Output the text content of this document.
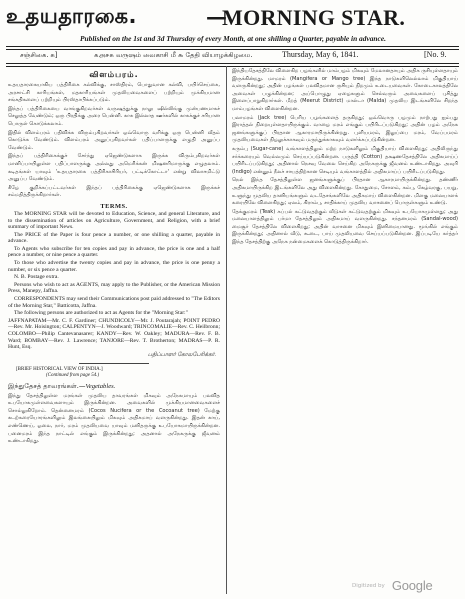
உதயதாரகை.	—
MORNING STAR.
Published on the 1st and 3d Thursday of every Month, at one shilling a Quarter, payable in advance.
சஞ்சிகை. க]	௧௮௪௧ வருஷம் வைகாசி மீ ௬ தேதி வியாழக்கிழமை.	Thursday, May 6, 1841.	[No. 9.
விளம்பரம்.

உதயதாரகையாகிய பத்திரிகை கல்விக்கு, சாஸ்திரம், பொதுவான கல்வி, பயிர்செய்கை, அரசாட்சி காரியங்கள், மதகாரியங்கள் முதலியவைகளைப் பற்றியும் முக்கியமான சங்கதிகளைப் பற்றியும் பிரஸ்தாபிக்கப்படும்.

இந்தப் பத்திரிகையை வாங்குகிறவர்கள் வருஷத்துக்கு நாலு ஷில்லிங்கு முன்பணமாகச் செலுத்த வேண்டும்; ஒரு பிரதிக்கு அரை பென்னி. காசு இல்லாத ஊர்களில் காசுக்குச் சரியான பொருள் கொடுக்கலாம்.

இதில் விளம்பரம் பதிவிக்க விரும்புகிறவர்கள் ஒவ்வொரு வரிக்கு ஒரு பென்னி வீதம் கொடுக்க வேண்டும். விளம்பரம் அனுப்புகிறவர்கள் பதிப்பாளருக்கு எழுதி அனுப்ப வேண்டும்.

இந்தப் பத்திரிகைக்குச் சேர்ந்து ஏஜெண்டுகளாக இருக்க விரும்புகிறவர்கள் மானிப்பாயிலுள்ள பதிப்பாளருக்கு அல்லது அமெரிக்கன் மிஷனரிமாருக்கு எழுதலாம். கடிதங்கள் யாவும் 'உதயதாரகை பத்திரிகாசிரியர், பட்டிக்கோட்டா' என்று விலாசமிட்டு அனுப்ப வேண்டும்.

கீழே குறிக்கப்பட்டவர்கள் இந்தப் பத்திரிகைக்கு ஏஜெண்டுகளாக இருக்கச் சம்மதித்திருக்கிறார்கள்.

TERMS.

The MORNING STAR will be devoted to Education, Science, and general Literature, and to the dissemination of articles on Agriculture, Government, and Religion, with a brief summary of important News.

The PRICE of the Paper is four pence a number, or one shilling a quarter, payable in advance.

To Agents who subscribe for ten copies and pay in advance, the price is one and a half pence a number, or nine pence a quarter.

To those who advertise the twenty copies and pay in advance, the price is one penny a number, or six pence a quarter.

N. B. Postage extra.

Persons who wish to act as AGENTS, may apply to the Publisher, or the American Mission Press, Manepy, Jaffna.

CORRESPONDENTS may send their Communications post paid addressed to "The Editors of the Morning Star," Batticotta, Jaffna.

The following persons are authorized to act as Agents for the "Morning Star:"

JAFFNAPATAM—Mr. C. F. Gardiner; CHUNDICOLY—Mr. J. Poutarajah; POINT PEDRO—Rev. Mr. Hoisington; CALPENTYN—J. Woodward; TRINCOMALIE—Rev. C. Heilbronn; COLOMBO—Philip Cantevanasarer; KANDY—Rev. W. Oakley; MADURA—Rev. F. B. Ward; BOMBAY—Rev. J. Lawrence; TANJORE—Rev. T. Brotherton; MADRAS—P. R. Hunt, Esq.

பதிப்பாளர் கோலபேரிக்கர்.
[BRIEF HISTORICAL VIEW OF INDIA.]
(Continued from page 54.)
இந்துதேசத் தாவரங்கள்.—Vegetables.

இந்து தேசத்திலுள்ள மரங்கள் முதலிய தாவரங்கள் மிகவும் அநேகமாயும் பலவித உபயோகமுள்ளவைகளாயும் இருக்கின்றன. அவைகளில் முக்கியமானவைகளைச் சொல்லுகிறோம். தென்னைமரம் (Cocos Nucifera or the Cocoanut tree) மேற்கு கடற்கரையோரங்களிலும் இலங்கையிலும் மிகவும் அதிகமாய் வளருகின்றது. இதன் காய், எண்ணெய், ஓலை, நார், மரம் முதலியவை யாவும் மனிதருக்கு உபயோகமாயிருக்கின்றன. பனைமரம் இந்த நாட்டில் எங்கும் இருக்கின்றது; அதனால் அநேகருக்கு ஜீவனம் உண்டாகிறது.

இந்தியதேசத்திலே விளைகிற பழங்களில் மாம்பழம் மிகவும் மேலானதாயும் அதிக ருசியுள்ளதாயும் இருக்கின்றது. மாமரம் (Mangifera or Mango tree) இந்த நாடுகளிலெல்லாம் மிகுதியாய் வளருகின்றது; அதின் பழங்கள் பலவிதமான ருசியும் நிறமும் உடையவைகள். கோடைகாலத்திலே அவைகள் பழுக்கின்றன; அப்பொழுது ஏழைகளும் செல்வரும் அவைகளைப் புசித்து இளைப்பாறுகிறார்கள். மீறத் (Meerut District) மால்டா (Malda) முதலிய இடங்களிலே சிறந்த மாம்பழங்கள் விளைகின்றன.

பலாமரம் (Jack tree) பெரிய பழங்களைத் தருகிறது; ஒவ்வொரு பழமும் நாற்பது ஐம்பது இராத்தல் நிறையுள்ளதாயிருக்கும். வாழை மரம் எங்கும் பயிரிடப்படுகிறது; அதின் பழம் அநேக ஜனங்களுக்குப் பிரதான ஆகாரமாயிருக்கின்றது. புளியமரம், இலுப்பை மரம், வேப்பமரம் முதலியவைகள் நிழலுக்காகவும் மருந்துக்காகவும் வளர்க்கப்படுகின்றன.

கரும்பு (Sugar-cane) வங்காளத்திலும் மற்ற நாடுகளிலும் மிகுதியாய் விளைகிறது; அதிலிருந்து சர்க்கரையும் வெல்லமும் செய்யப்படுகின்றன. பருத்தி (Cotton) தக்ஷணதேசத்திலே அதிகமாய்ப் பயிரிடப்படுகிறது; அதினால் நெசவு வேலை செய்கிற அநேகருக்கு ஜீவனம் உண்டாகிறது. அவுரி (Indigo) என்னும் நீலச் சாயத்திற்கான செடியும் வங்காளத்தில் அதிகமாய்ப் பயிரிடப்படுகிறது.

நெல் இந்த தேசத்திலுள்ள ஜனங்களுக்குப் பிரதான ஆகாரமாயிருக்கின்றது. தண்ணீர் அதிகமாயிருக்கிற இடங்களிலே அது விளைகின்றது. கோதுமை, சோளம், கம்பு, கேழ்வரகு, பயறு, உளுந்து முதலிய தானியங்களும் வடதேசங்களிலே அதிகமாய் விளைகின்றன. மிளகு மலையாளக் கரையிலே விளைகிறது; ஏலம், கிராம்பு, சாதிக்காய் முதலிய வாசனைப் பொருள்களும் உண்டு.

தேக்குமரம் (Teak) கப்பல் கட்டுவதற்கும் வீடுகள் கட்டுவதற்கும் மிகவும் உபயோகமுள்ளது; அது மலையாளத்திலும் பர்மா தேசத்திலும் அதிகமாய் வளருகின்றது. சந்தனமரம் (Sandal-wood) மைசூர் தேசத்திலே விளைகிறது; அதின் வாசனை மிகவும் இனிமையானது. மூங்கில் எங்கும் இருக்கின்றது; அதினால் வீடு, கூடை, பாய் முதலியவை செய்யப்படுகின்றன. இப்படியே கர்த்தர் இந்த தேசத்திற்கு அநேக நன்மைகளைக் கொடுத்திருக்கிறார்.

Digitized by Google
